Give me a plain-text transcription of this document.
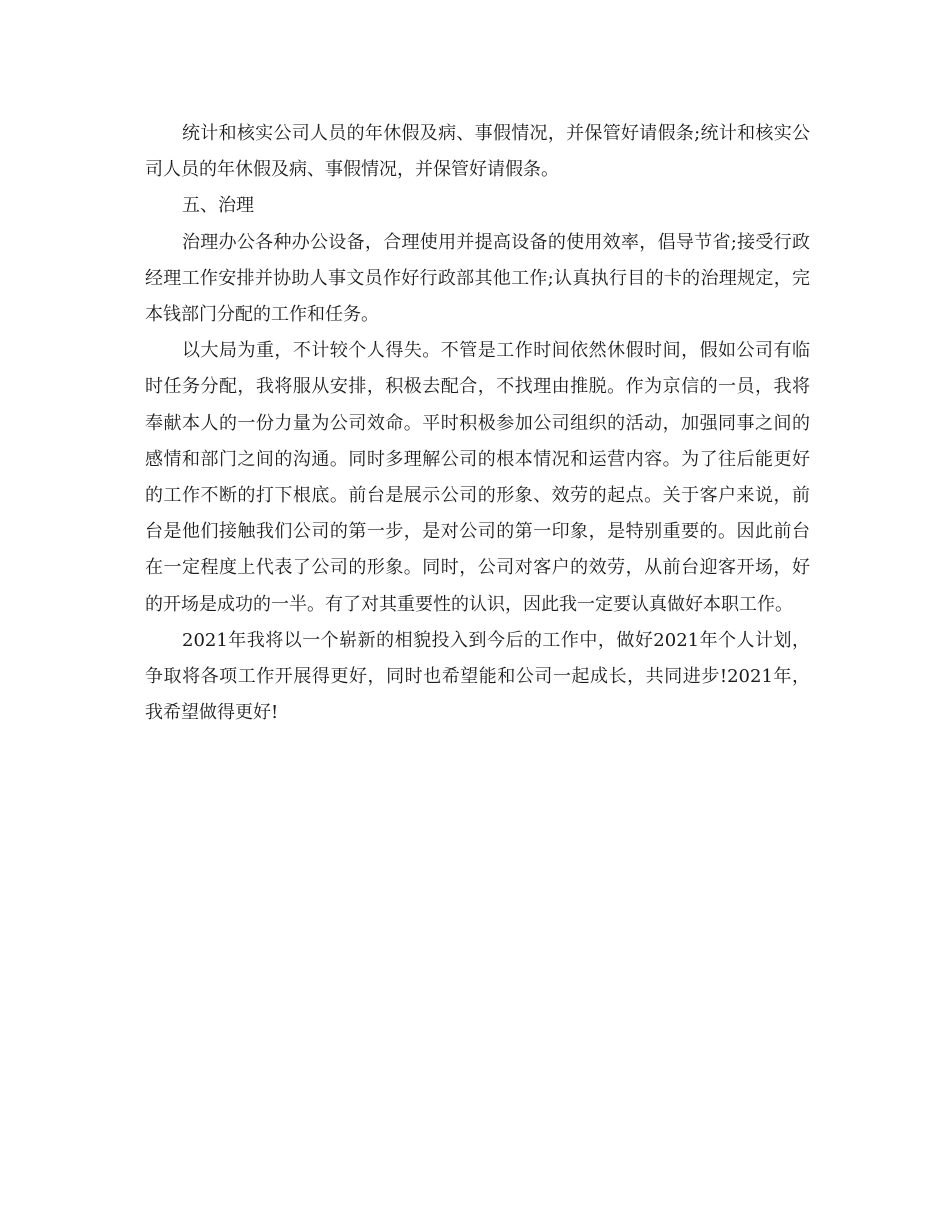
统计和核实公司人员的年休假及病、事假情况，并保管好请假条;统计和核实公司人员的年休假及病、事假情况，并保管好请假条。

五、治理

治理办公各种办公设备，合理使用并提高设备的使用效率，倡导节省;接受行政经理工作安排并协助人事文员作好行政部其他工作;认真执行目的卡的治理规定，完本钱部门分配的工作和任务。

以大局为重，不计较个人得失。不管是工作时间依然休假时间，假如公司有临时任务分配，我将服从安排，积极去配合，不找理由推脱。作为京信的一员，我将奉献本人的一份力量为公司效命。平时积极参加公司组织的活动，加强同事之间的感情和部门之间的沟通。同时多理解公司的根本情况和运营内容。为了往后能更好的工作不断的打下根底。前台是展示公司的形象、效劳的起点。关于客户来说，前台是他们接触我们公司的第一步，是对公司的第一印象，是特别重要的。因此前台在一定程度上代表了公司的形象。同时，公司对客户的效劳，从前台迎客开场，好的开场是成功的一半。有了对其重要性的认识，因此我一定要认真做好本职工作。

2021年我将以一个崭新的相貌投入到今后的工作中，做好2021年个人计划，争取将各项工作开展得更好，同时也希望能和公司一起成长，共同进步!2021年，我希望做得更好!
